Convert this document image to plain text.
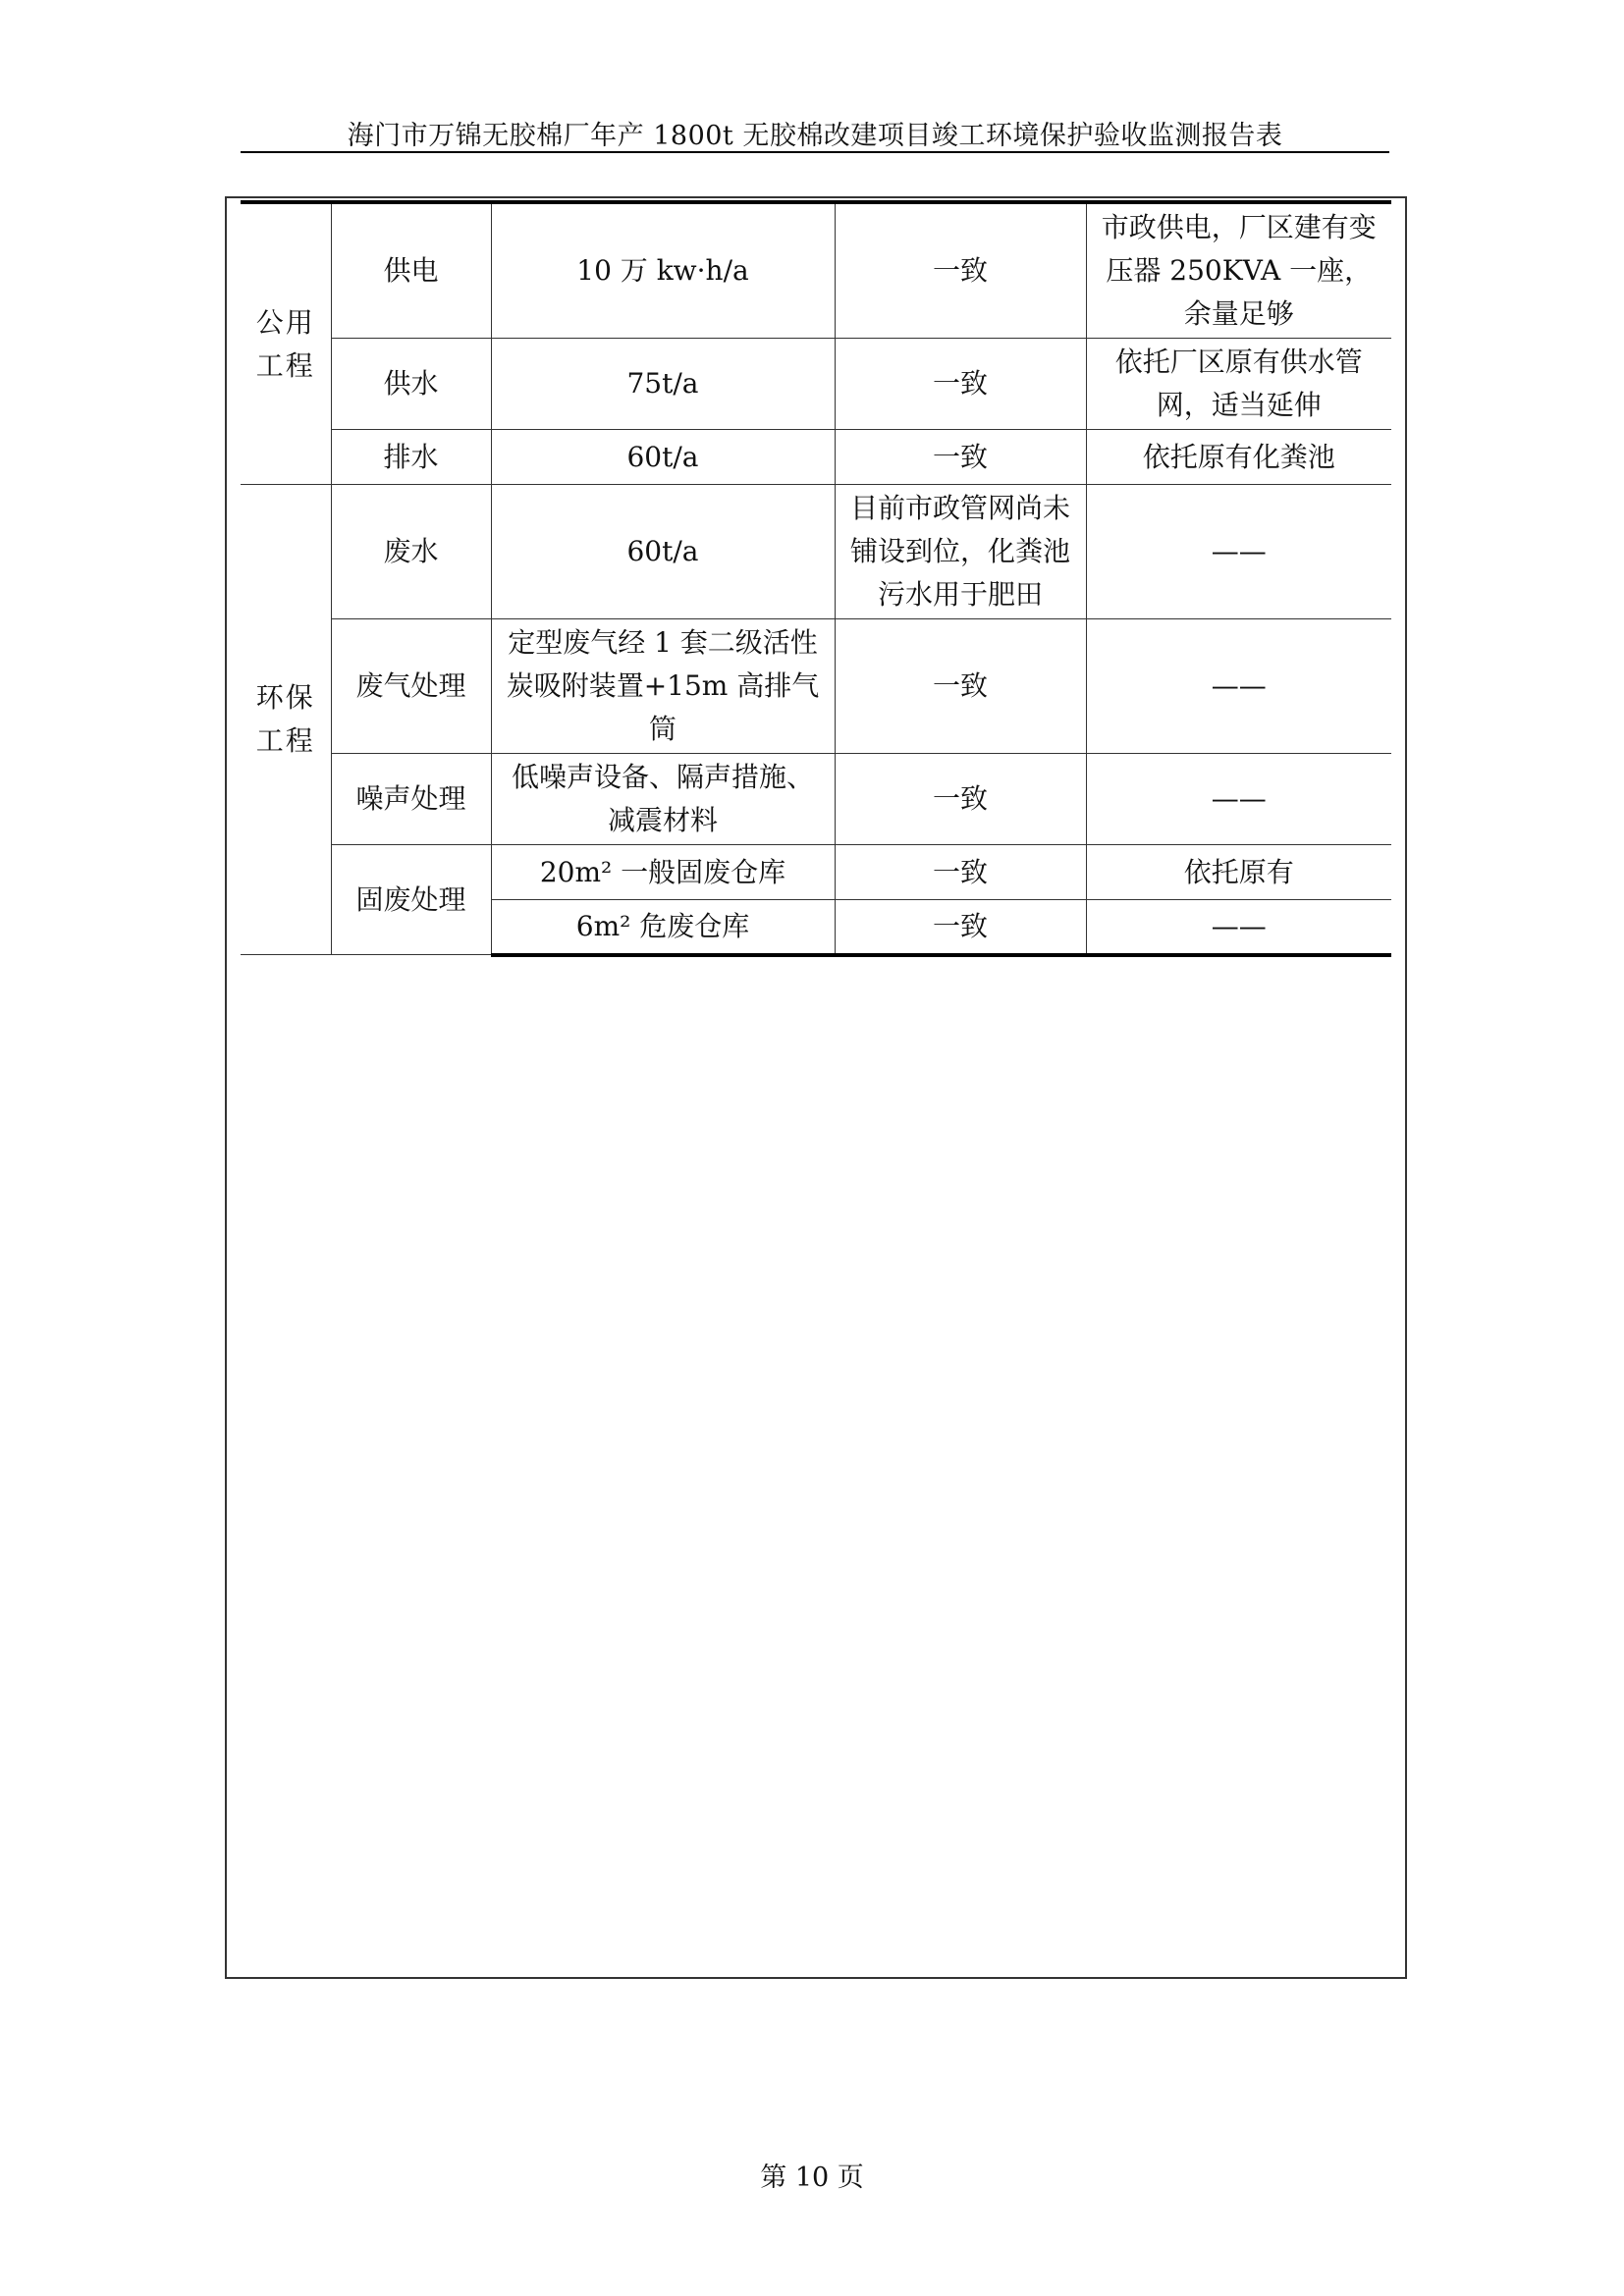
海门市万锦无胶棉厂年产 1800t 无胶棉改建项目竣工环境保护验收监测报告表
公用
工程	供电	10 万 kw·h/a	一致	市政供电，厂区建有变压器 250KVA 一座，余量足够
	供水	75t/a	一致	依托厂区原有供水管网，适当延伸
	排水	60t/a	一致	依托原有化粪池
环保
工程	废水	60t/a	目前市政管网尚未铺设到位，化粪池污水用于肥田	——
	废气处理	定型废气经 1 套二级活性炭吸附装置+15m 高排气筒	一致	——
	噪声处理	低噪声设备、隔声措施、减震材料	一致	——
	固废处理	20m² 一般固废仓库	一致	依托原有
		6m² 危废仓库	一致	——
第 10 页
